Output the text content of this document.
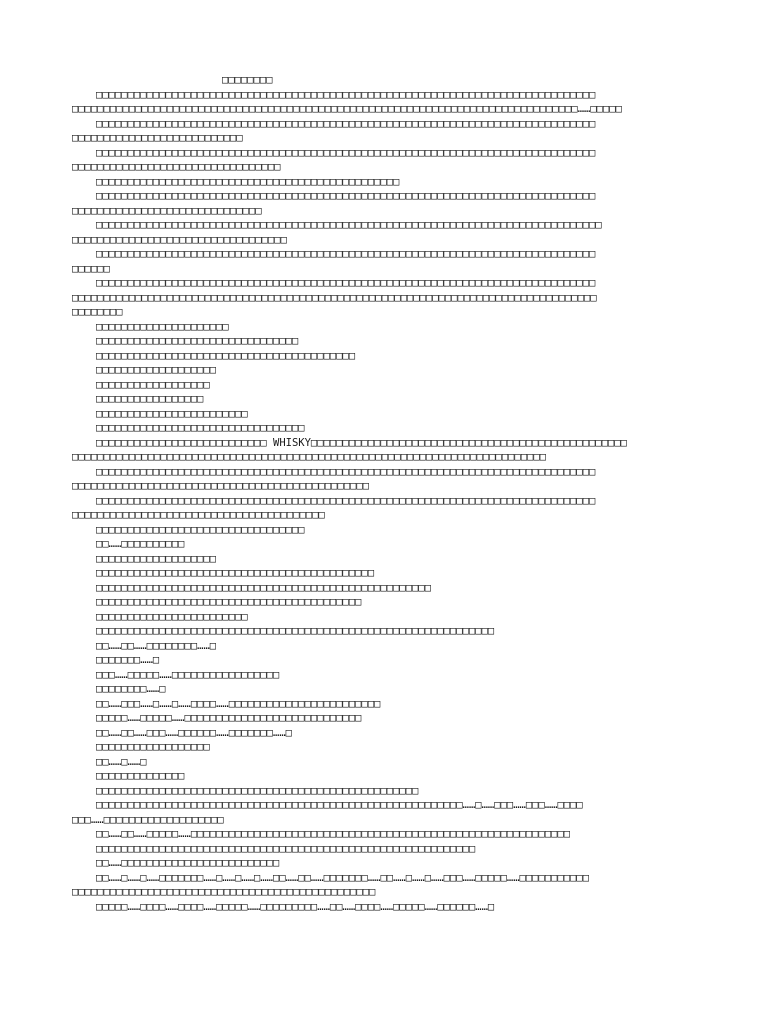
□□□□□□□□
□□□□□□□□□□□□□□□□□□□□□□□□□□□□□□□□□□□□□□□□□□□□□□□□□□□□□□□□□□□□□□□□□□□□□□□□□□□□□□□
□□□□□□□□□□□□□□□□□□□□□□□□□□□□□□□□□□□□□□□□□□□□□□□□□□□□□□□□□□□□□□□□□□□□□□□□□□□□□□□□……□□□□□
□□□□□□□□□□□□□□□□□□□□□□□□□□□□□□□□□□□□□□□□□□□□□□□□□□□□□□□□□□□□□□□□□□□□□□□□□□□□□□□
□□□□□□□□□□□□□□□□□□□□□□□□□□□
□□□□□□□□□□□□□□□□□□□□□□□□□□□□□□□□□□□□□□□□□□□□□□□□□□□□□□□□□□□□□□□□□□□□□□□□□□□□□□□
□□□□□□□□□□□□□□□□□□□□□□□□□□□□□□□□□
□□□□□□□□□□□□□□□□□□□□□□□□□□□□□□□□□□□□□□□□□□□□□□□□
□□□□□□□□□□□□□□□□□□□□□□□□□□□□□□□□□□□□□□□□□□□□□□□□□□□□□□□□□□□□□□□□□□□□□□□□□□□□□□□
□□□□□□□□□□□□□□□□□□□□□□□□□□□□□□
□□□□□□□□□□□□□□□□□□□□□□□□□□□□□□□□□□□□□□□□□□□□□□□□□□□□□□□□□□□□□□□□□□□□□□□□□□□□□□□□
□□□□□□□□□□□□□□□□□□□□□□□□□□□□□□□□□□
□□□□□□□□□□□□□□□□□□□□□□□□□□□□□□□□□□□□□□□□□□□□□□□□□□□□□□□□□□□□□□□□□□□□□□□□□□□□□□□
□□□□□□
□□□□□□□□□□□□□□□□□□□□□□□□□□□□□□□□□□□□□□□□□□□□□□□□□□□□□□□□□□□□□□□□□□□□□□□□□□□□□□□
□□□□□□□□□□□□□□□□□□□□□□□□□□□□□□□□□□□□□□□□□□□□□□□□□□□□□□□□□□□□□□□□□□□□□□□□□□□□□□□□□□□
□□□□□□□□
□□□□□□□□□□□□□□□□□□□□□
□□□□□□□□□□□□□□□□□□□□□□□□□□□□□□□□
□□□□□□□□□□□□□□□□□□□□□□□□□□□□□□□□□□□□□□□□□
□□□□□□□□□□□□□□□□□□□
□□□□□□□□□□□□□□□□□□
□□□□□□□□□□□□□□□□□
□□□□□□□□□□□□□□□□□□□□□□□□
□□□□□□□□□□□□□□□□□□□□□□□□□□□□□□□□□
□□□□□□□□□□□□□□□□□□□□□□□□□□□ WHISKY□□□□□□□□□□□□□□□□□□□□□□□□□□□□□□□□□□□□□□□□□□□□□□□□□□
□□□□□□□□□□□□□□□□□□□□□□□□□□□□□□□□□□□□□□□□□□□□□□□□□□□□□□□□□□□□□□□□□□□□□□□□□□□
□□□□□□□□□□□□□□□□□□□□□□□□□□□□□□□□□□□□□□□□□□□□□□□□□□□□□□□□□□□□□□□□□□□□□□□□□□□□□□□
□□□□□□□□□□□□□□□□□□□□□□□□□□□□□□□□□□□□□□□□□□□□□□□
□□□□□□□□□□□□□□□□□□□□□□□□□□□□□□□□□□□□□□□□□□□□□□□□□□□□□□□□□□□□□□□□□□□□□□□□□□□□□□□
□□□□□□□□□□□□□□□□□□□□□□□□□□□□□□□□□□□□□□□□
□□□□□□□□□□□□□□□□□□□□□□□□□□□□□□□□□
□□……□□□□□□□□□□
□□□□□□□□□□□□□□□□□□□
□□□□□□□□□□□□□□□□□□□□□□□□□□□□□□□□□□□□□□□□□□□□
□□□□□□□□□□□□□□□□□□□□□□□□□□□□□□□□□□□□□□□□□□□□□□□□□□□□□
□□□□□□□□□□□□□□□□□□□□□□□□□□□□□□□□□□□□□□□□□□
□□□□□□□□□□□□□□□□□□□□□□□□
□□□□□□□□□□□□□□□□□□□□□□□□□□□□□□□□□□□□□□□□□□□□□□□□□□□□□□□□□□□□□□□
□□……□□……□□□□□□□□……□
□□□□□□□……□
□□□……□□□□□……□□□□□□□□□□□□□□□□□
□□□□□□□□……□
□□……□□□……□……□……□□□□……□□□□□□□□□□□□□□□□□□□□□□□□
□□□□□……□□□□□……□□□□□□□□□□□□□□□□□□□□□□□□□□□□
□□……□□……□□□……□□□□□□……□□□□□□□……□
□□□□□□□□□□□□□□□□□□
□□……□……□
□□□□□□□□□□□□□□
□□□□□□□□□□□□□□□□□□□□□□□□□□□□□□□□□□□□□□□□□□□□□□□□□□□
□□□□□□□□□□□□□□□□□□□□□□□□□□□□□□□□□□□□□□□□□□□□□□□□□□□□□□□□□□……□……□□□……□□□……□□□□
□□□……□□□□□□□□□□□□□□□□□□□
□□……□□……□□□□□……□□□□□□□□□□□□□□□□□□□□□□□□□□□□□□□□□□□□□□□□□□□□□□□□□□□□□□□□□□□□
□□□□□□□□□□□□□□□□□□□□□□□□□□□□□□□□□□□□□□□□□□□□□□□□□□□□□□□□□□□□
□□……□□□□□□□□□□□□□□□□□□□□□□□□□
□□……□……□……□□□□□□□……□……□……□……□□……□□……□□□□□□□……□□……□……□……□□□……□□□□□……□□□□□□□□□□□
□□□□□□□□□□□□□□□□□□□□□□□□□□□□□□□□□□□□□□□□□□□□□□□□
□□□□□……□□□□……□□□□……□□□□□……□□□□□□□□□……□□……□□□□……□□□□□……□□□□□□……□
